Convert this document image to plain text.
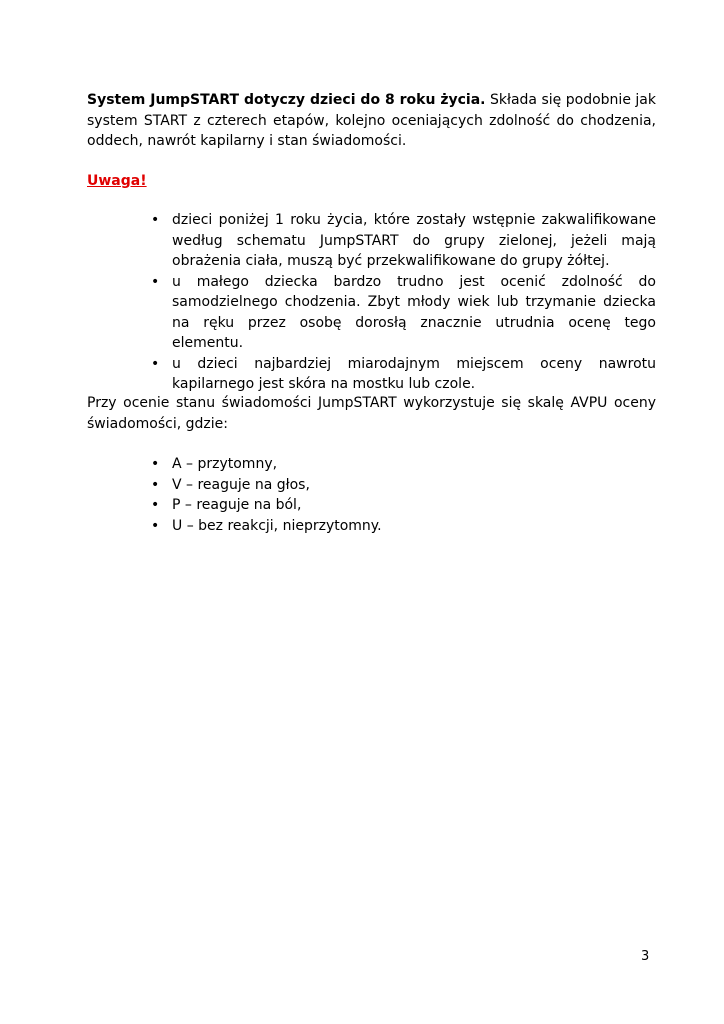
System JumpSTART dotyczy dzieci do 8 roku życia. Składa się podobnie jak system START z czterech etapów, kolejno oceniających zdolność do chodzenia, oddech, nawrót kapilarny i stan świadomości.

Uwaga!

• dzieci poniżej 1 roku życia, które zostały wstępnie zakwalifikowane według schematu JumpSTART do grupy zielonej, jeżeli mają obrażenia ciała, muszą być przekwalifikowane do grupy żółtej.
• u małego dziecka bardzo trudno jest ocenić zdolność do samodzielnego chodzenia. Zbyt młody wiek lub trzymanie dziecka na ręku przez osobę dorosłą znacznie utrudnia ocenę tego elementu.
• u dzieci najbardziej miarodajnym miejscem oceny nawrotu kapilarnego jest skóra na mostku lub czole.

Przy ocenie stanu świadomości JumpSTART wykorzystuje się skalę AVPU oceny świadomości, gdzie:

• A – przytomny,
• V – reaguje na głos,
• P – reaguje na ból,
• U – bez reakcji, nieprzytomny.

3
